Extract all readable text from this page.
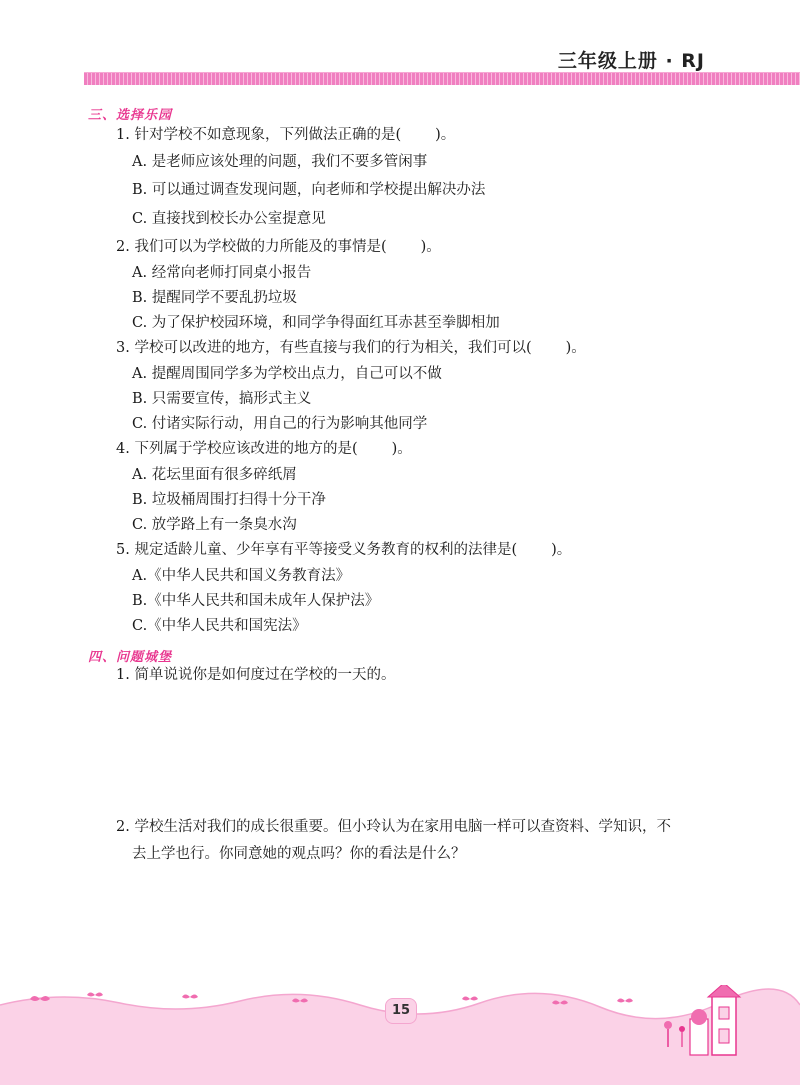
三年级上册 · RJ
三、选择乐园
1. 针对学校不如意现象，下列做法正确的是( )。
A. 是老师应该处理的问题，我们不要多管闲事
B. 可以通过调查发现问题，向老师和学校提出解决办法
C. 直接找到校长办公室提意见
2. 我们可以为学校做的力所能及的事情是( )。
A. 经常向老师打同桌小报告
B. 提醒同学不要乱扔垃圾
C. 为了保护校园环境，和同学争得面红耳赤甚至拳脚相加
3. 学校可以改进的地方，有些直接与我们的行为相关，我们可以( )。
A. 提醒周围同学多为学校出点力，自己可以不做
B. 只需要宣传，搞形式主义
C. 付诸实际行动，用自己的行为影响其他同学
4. 下列属于学校应该改进的地方的是( )。
A. 花坛里面有很多碎纸屑
B. 垃圾桶周围打扫得十分干净
C. 放学路上有一条臭水沟
5. 规定适龄儿童、少年享有平等接受义务教育的权利的法律是( )。
A.《中华人民共和国义务教育法》
B.《中华人民共和国未成年人保护法》
C.《中华人民共和国宪法》
四、问题城堡
1. 简单说说你是如何度过在学校的一天的。
2. 学校生活对我们的成长很重要。但小玲认为在家用电脑一样可以查资料、学知识，不
去上学也行。你同意她的观点吗？你的看法是什么？
15
